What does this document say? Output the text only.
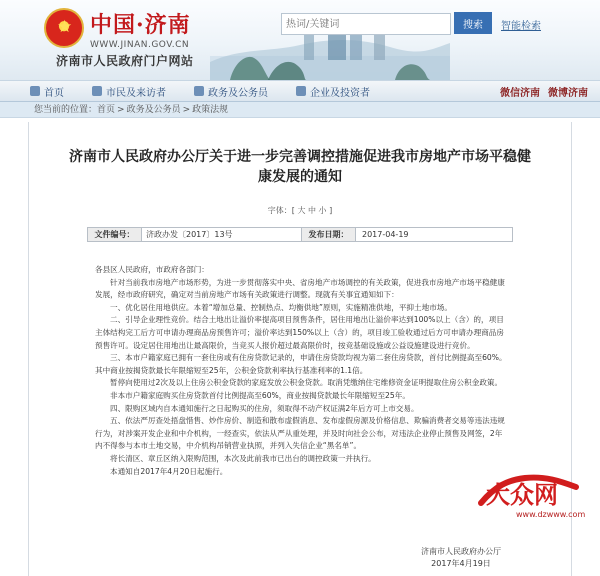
★
中国·济南
WWW.JINAN.GOV.CN
济南市人民政府门户网站
热词/关键词
搜索	智能检索
首页	市民及来访者	政务及公务员	企业及投资者	微信济南 微博济南
您当前的位置：首页 > 政务及公务员 > 政策法规
济南市人民政府办公厅关于进一步完善调控措施促进我市房地产市场平稳健康发展的通知
字体：[ 大 中 小 ]
文件编号：	济政办发〔2017〕13号	发布日期：	2017-04-19

各县区人民政府，市政府各部门：

针对当前我市房地产市场形势，为进一步贯彻落实中央、省房地产市场调控的有关政策，促进我市房地产市场平稳健康发展，经市政府研究，确定对当前房地产市场有关政策进行调整。现就有关事宜通知如下：

一、优化居住用地供应。本着“增加总量、控制热点、均衡供地”原则，实施精准供地，平抑土地市场。

二、引导企业理性竞价。结合土地出让溢价率提高项目预售条件，居住用地出让溢价率达到100%以上（含）的，项目主体结构完工后方可申请办理商品房预售许可；溢价率达到150%以上（含）的，项目竣工验收通过后方可申请办理商品房预售许可。设定居住用地出让最高限价，当竞买人报价超过最高限价时，按竞基础设施或公益设施建设进行竞价。

三、本市户籍家庭已拥有一套住房或有住房贷款记录的，申请住房贷款均视为第二套住房贷款，首付比例提高至60%。其中商业按揭贷款最长年限缩短至25年，公积金贷款利率执行基准利率的1.1倍。

暂停向使用过2次及以上住房公积金贷款的家庭发放公积金贷款。取消凭缴纳住宅维修资金证明提取住房公积金政策。

非本市户籍家庭购买住房贷款首付比例提高至60%，商业按揭贷款最长年限缩短至25年。

四、限购区域内自本通知施行之日起购买的住房，须取得不动产权证满2年后方可上市交易。

五、依法严厉查处捂盘惜售、炒作房价、制造和散布虚假消息、发布虚假房源及价格信息、欺骗消费者交易等违法违规行为，对涉案开发企业和中介机构，一经查实，依法从严从重处理，并及时向社会公布，对违法企业停止预售及网签，2年内不得参与本市土地交易，中介机构吊销营业执照，并列入失信企业“黑名单”。

将长清区、章丘区纳入限购范围，本次及此前我市已出台的调控政策一并执行。

本通知自2017年4月20日起施行。

济南市人民政府办公厅
2017年4月19日
大众网
www.dzwww.com
